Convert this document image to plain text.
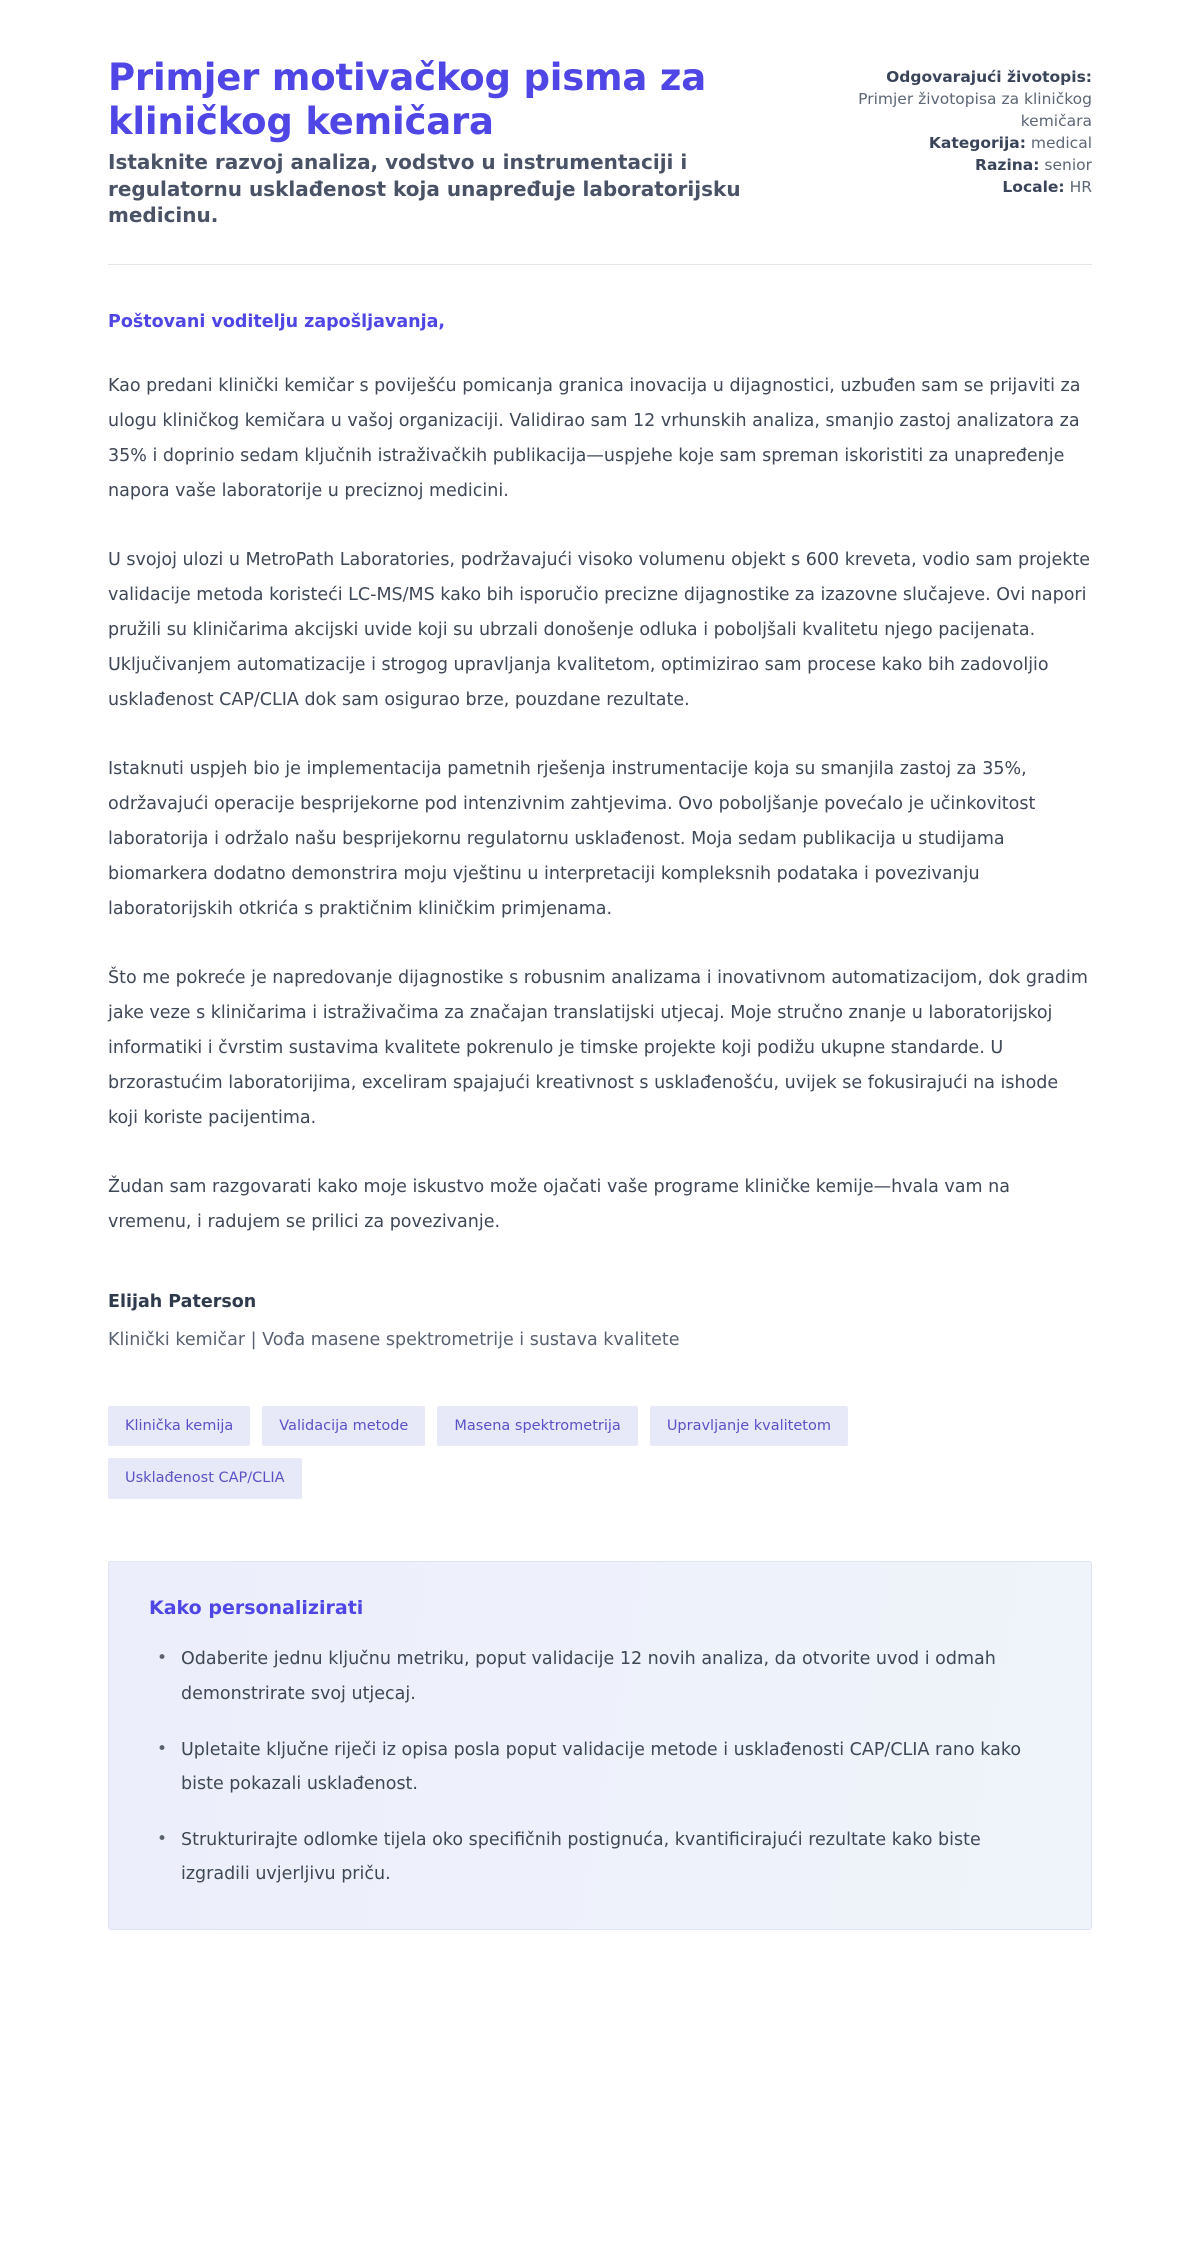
Primjer motivačkog pisma za kliničkog kemičara

Istaknite razvoj analiza, vodstvo u instrumentaciji i regulatornu usklađenost koja unapređuje laboratorijsku medicinu.

Odgovarajući životopis:
Primjer životopisa za kliničkog kemičara
Kategorija: medical
Razina: senior
Locale: HR

Poštovani voditelju zapošljavanja,

Kao predani klinički kemičar s poviješću pomicanja granica inovacija u dijagnostici, uzbuđen sam se prijaviti za ulogu kliničkog kemičara u vašoj organizaciji. Validirao sam 12 vrhunskih analiza, smanjio zastoj analizatora za 35% i doprinio sedam ključnih istraživačkih publikacija—uspjehe koje sam spreman iskoristiti za unapređenje napora vaše laboratorije u preciznoj medicini.

U svojoj ulozi u MetroPath Laboratories, podržavajući visoko volumenu objekt s 600 kreveta, vodio sam projekte validacije metoda koristeći LC-MS/MS kako bih isporučio precizne dijagnostike za izazovne slučajeve. Ovi napori pružili su kliničarima akcijski uvide koji su ubrzali donošenje odluka i poboljšali kvalitetu njego pacijenata. Uključivanjem automatizacije i strogog upravljanja kvalitetom, optimizirao sam procese kako bih zadovoljio usklađenost CAP/CLIA dok sam osigurao brze, pouzdane rezultate.

Istaknuti uspjeh bio je implementacija pametnih rješenja instrumentacije koja su smanjila zastoj za 35%, održavajući operacije besprijekorne pod intenzivnim zahtjevima. Ovo poboljšanje povećalo je učinkovitost laboratorija i održalo našu besprijekornu regulatornu usklađenost. Moja sedam publikacija u studijama biomarkera dodatno demonstrira moju vještinu u interpretaciji kompleksnih podataka i povezivanju laboratorijskih otkrića s praktičnim kliničkim primjenama.

Što me pokreće je napredovanje dijagnostike s robusnim analizama i inovativnom automatizacijom, dok gradim jake veze s kliničarima i istraživačima za značajan translatijski utjecaj. Moje stručno znanje u laboratorijskoj informatiki i čvrstim sustavima kvalitete pokrenulo je timske projekte koji podižu ukupne standarde. U brzorastućim laboratorijima, exceliram spajajući kreativnost s usklađenošću, uvijek se fokusirajući na ishode koji koriste pacijentima.

Žudan sam razgovarati kako moje iskustvo može ojačati vaše programe kliničke kemije—hvala vam na vremenu, i radujem se prilici za povezivanje.

Elijah Paterson

Klinički kemičar | Vođa masene spektrometrije i sustava kvalitete

Klinička kemija	Validacija metode	Masena spektrometrija	Upravljanje kvalitetom
Usklađenost CAP/CLIA
Kako personalizirati
• Odaberite jednu ključnu metriku, poput validacije 12 novih analiza, da otvorite uvod i odmah demonstrirate svoj utjecaj.
• Upletaite ključne riječi iz opisa posla poput validacije metode i usklađenosti CAP/CLIA rano kako biste pokazali usklađenost.
• Strukturirajte odlomke tijela oko specifičnih postignuća, kvantificirajući rezultate kako biste izgradili uvjerljivu priču.
